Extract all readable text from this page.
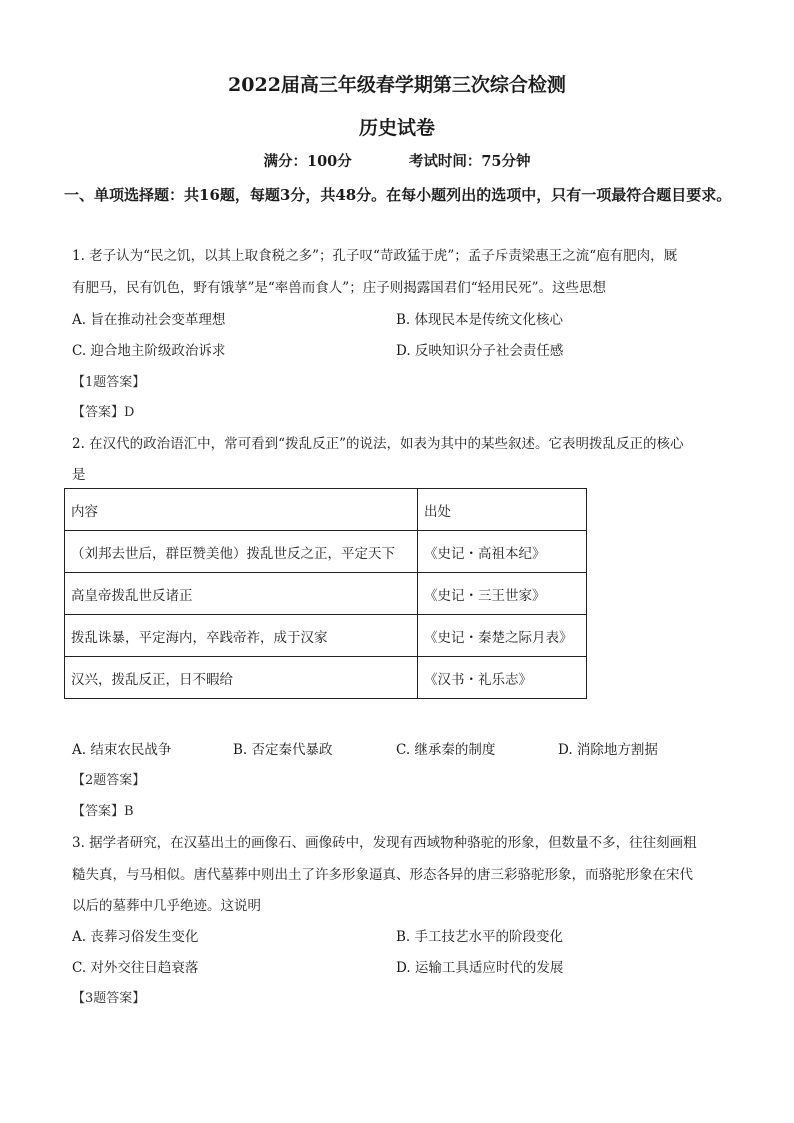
2022届高三年级春学期第三次综合检测
历史试卷
满分：100分	考试时间：75分钟
一、单项选择题：共16题，每题3分，共48分。在每小题列出的选项中，只有一项最符合题目要求。
1. 老子认为“民之饥，以其上取食税之多”；孔子叹“苛政猛于虎”；孟子斥责梁惠王之流“庖有肥肉，厩
有肥马，民有饥色，野有饿莩”是“率兽而食人”；庄子则揭露国君们“轻用民死”。这些思想
A. 旨在推动社会变革理想	B. 体现民本是传统文化核心
C. 迎合地主阶级政治诉求	D. 反映知识分子社会责任感
【1题答案】
【答案】D
2. 在汉代的政治语汇中，常可看到“拨乱反正”的说法，如表为其中的某些叙述。它表明拨乱反正的核心
是
内容	出处
（刘邦去世后，群臣赞美他）拨乱世反之正，平定天下	《史记・高祖本纪》
高皇帝拨乱世反诸正	《史记・三王世家》
拨乱诛暴，平定海内，卒践帝祚，成于汉家	《史记・秦楚之际月表》
汉兴，拨乱反正，日不暇给	《汉书・礼乐志》
A. 结束农民战争	B. 否定秦代暴政	C. 继承秦的制度	D. 消除地方割据
【2题答案】
【答案】B
3. 据学者研究，在汉墓出土的画像石、画像砖中，发现有西域物种骆驼的形象，但数量不多，往往刻画粗
糙失真，与马相似。唐代墓葬中则出土了许多形象逼真、形态各异的唐三彩骆驼形象，而骆驼形象在宋代
以后的墓葬中几乎绝迹。这说明
A. 丧葬习俗发生变化	B. 手工技艺水平的阶段变化
C. 对外交往日趋衰落	D. 运输工具适应时代的发展
【3题答案】
